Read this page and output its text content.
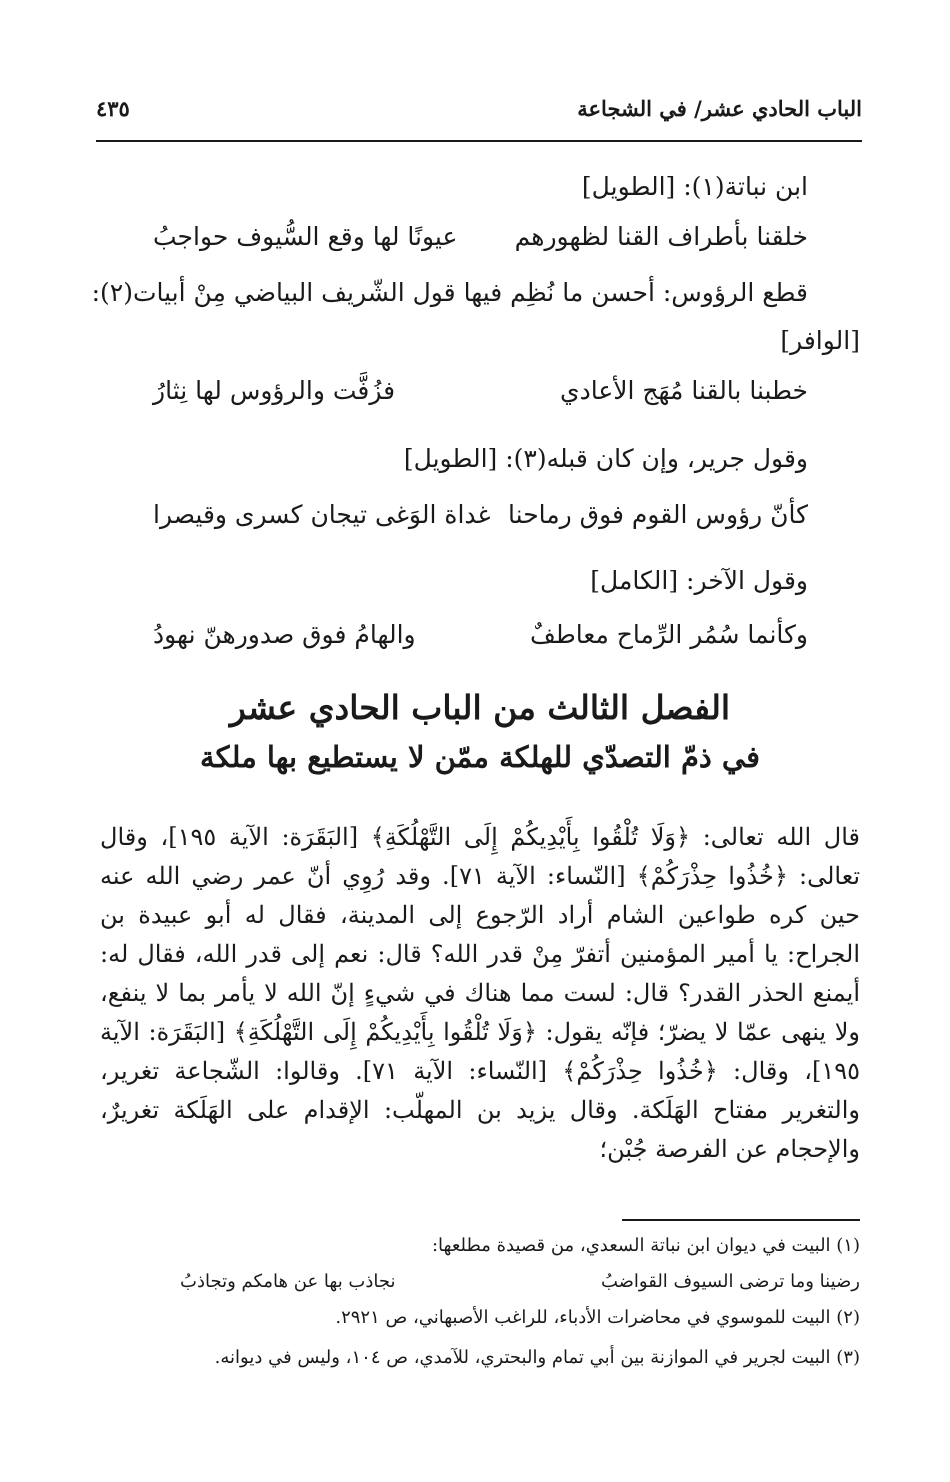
الباب الحادي عشر/ في الشجاعة
٤٣٥
ابن نباتة(١): [الطويل]
خلقنا بأطراف القنا لظهورهم
عيونًا لها وقع السُّيوف حواجبُ
قطع الرؤوس: أحسن ما نُظِم فيها قول الشّريف البياضي مِنْ أبيات(٢):
[الوافر]
خطبنا بالقنا مُهَج الأعادي
فزُفَّت والرؤوس لها نِثارُ
وقول جرير، وإن كان قبله(٣): [الطويل]
كأنّ رؤوس القوم فوق رماحنا
غداة الوَغى تيجان كسرى وقيصرا
وقول الآخر: [الكامل]
وكأنما سُمُر الرِّماح معاطفٌ
والهامُ فوق صدورهنّ نهودُ
الفصل الثالث من الباب الحادي عشر
في ذمّ التصدّي للهلكة ممّن لا يستطيع بها ملكة

قال الله تعالى: ﴿وَلَا تُلْقُوا بِأَيْدِيكُمْ إِلَى التَّهْلُكَةِ﴾ [البَقَرَة: الآية ١٩٥]، وقال تعالى: ﴿خُذُوا حِذْرَكُمْ﴾ [النّساء: الآية ٧١]. وقد رُوِي أنّ عمر رضي الله عنه حين كره طواعين الشام أراد الرّجوع إلى المدينة، فقال له أبو عبيدة بن الجراح: يا أمير المؤمنين أتفرّ مِنْ قدر الله؟ قال: نعم إلى قدر الله، فقال له: أيمنع الحذر القدر؟ قال: لست مما هناك في شيءٍ إنّ الله لا يأمر بما لا ينفع، ولا ينهى عمّا لا يضرّ؛ فإنّه يقول: ﴿وَلَا تُلْقُوا بِأَيْدِيكُمْ إِلَى التَّهْلُكَةِ﴾ [البَقَرَة: الآية ١٩٥]، وقال: ﴿خُذُوا حِذْرَكُمْ﴾ [النّساء: الآية ٧١]. وقالوا: الشّجاعة تغرير، والتغرير مفتاح الهَلَكة. وقال يزيد بن المهلّب: الإقدام على الهَلَكة تغريرٌ، والإحجام عن الفرصة جُبْن؛

(١) البيت في ديوان ابن نباتة السعدي، من قصيدة مطلعها:
رضينا وما ترضى السيوف القواضبُ
نجاذب بها عن هامكم وتجاذبُ
(٢) البيت للموسوي في محاضرات الأدباء، للراغب الأصبهاني، ص ٢٩٢١.
(٣) البيت لجرير في الموازنة بين أبي تمام والبحتري، للآمدي، ص ١٠٤، وليس في ديوانه.
